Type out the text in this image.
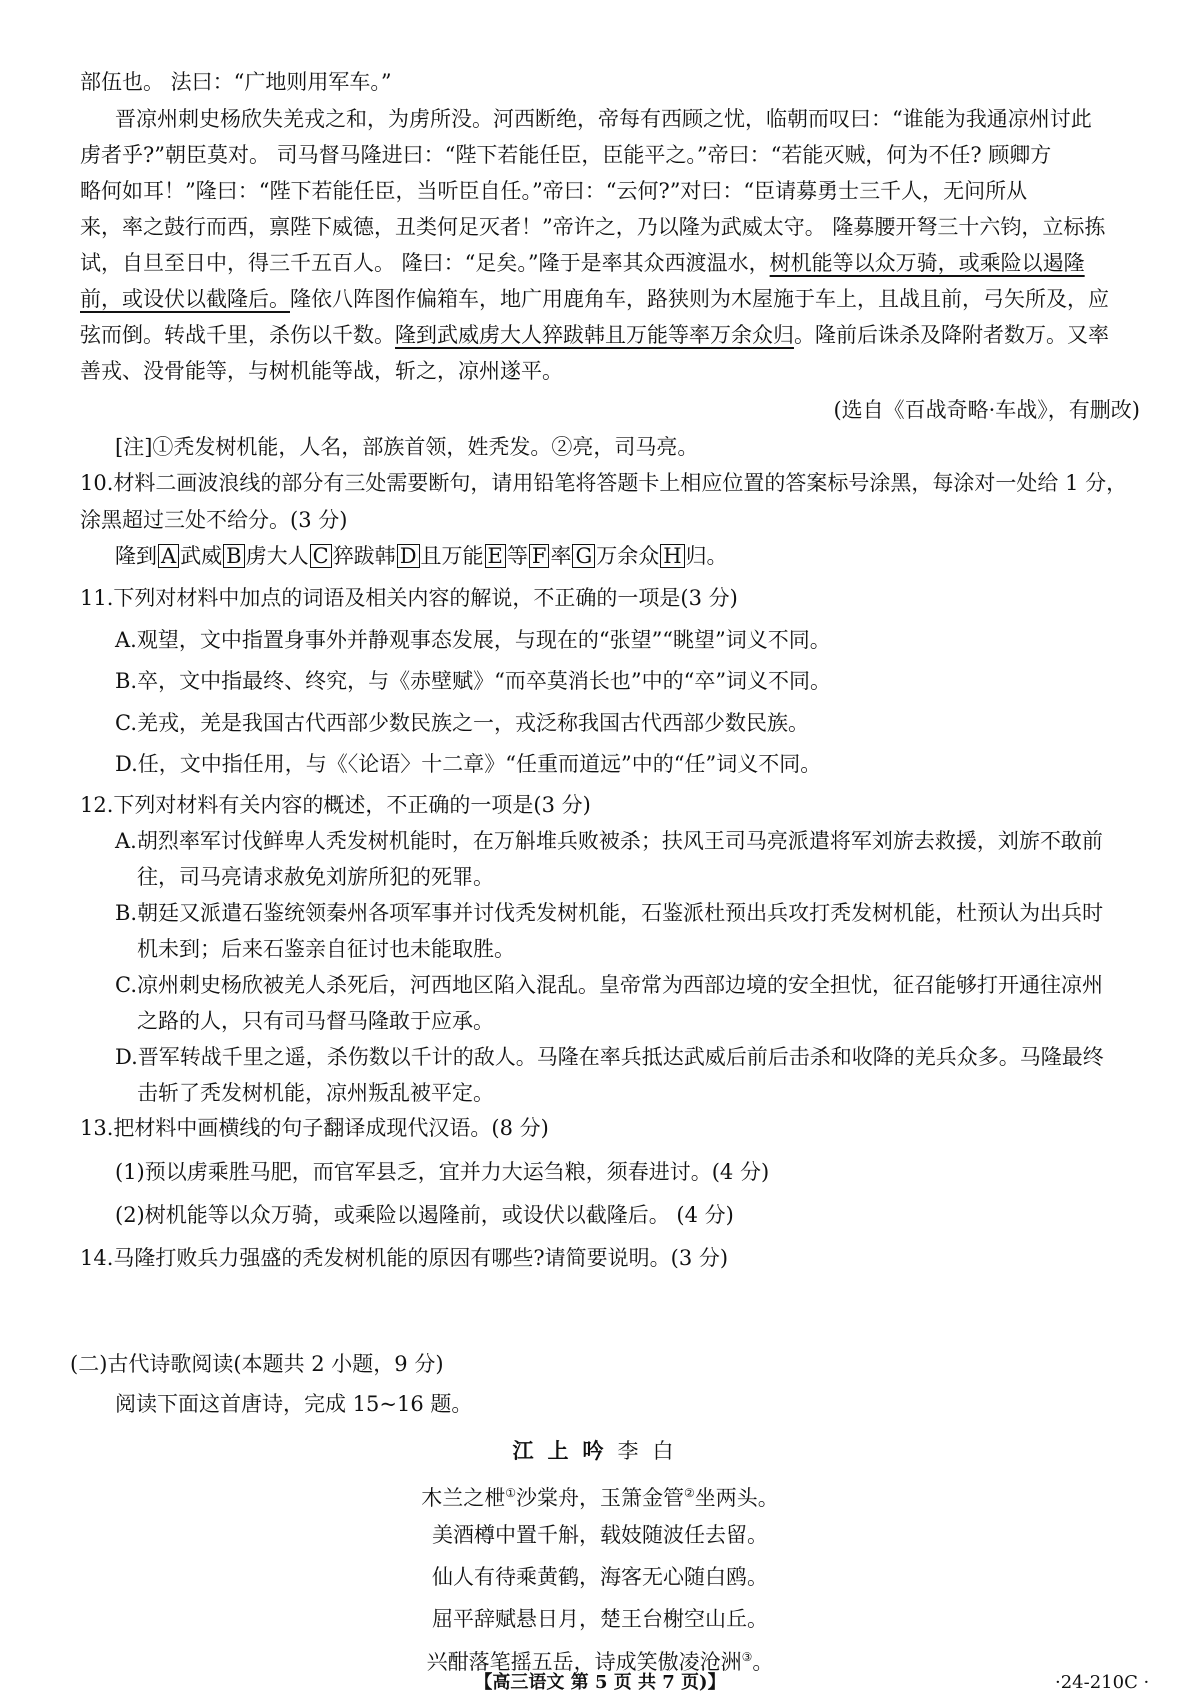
部伍也。 法曰：“广地则用军车。”
晋凉州刺史杨欣失羌戎之和，为虏所没。河西断绝，帝每有西顾之忧，临朝而叹曰：“谁能为我通凉州讨此
虏者乎?”朝臣莫对。 司马督马隆进曰：“陛下若能任臣，臣能平之。”帝曰：“若能灭贼，何为不任? 顾卿方
略何如耳！”隆曰：“陛下若能任臣，当听臣自任。”帝曰：“云何?”对曰：“臣请募勇士三千人，无问所从
来，率之鼓行而西，禀陛下威德，丑类何足灭者！”帝许之，乃以隆为武威太守。 隆募腰开弩三十六钧，立标拣
试，自旦至日中，得三千五百人。 隆曰：“足矣。”隆于是率其众西渡温水，树机能等以众万骑，或乘险以遏隆
前，或设伏以截隆后。隆依八阵图作偏箱车，地广用鹿角车，路狭则为木屋施于车上，且战且前，弓矢所及，应
弦而倒。转战千里，杀伤以千数。隆到武威虏大人猝跋韩且万能等率万余众归。隆前后诛杀及降附者数万。又率
善戎、没骨能等，与树机能等战，斩之，凉州遂平。
(选自《百战奇略·车战》，有删改)
[注]①秃发树机能，人名，部族首领，姓秃发。②亮，司马亮。
10.材料二画波浪线的部分有三处需要断句，请用铅笔将答题卡上相应位置的答案标号涂黑，每涂对一处给 1 分，
涂黑超过三处不给分。(3 分)
隆到 A 武威 B 虏大人 C 猝跋韩 D 且万能 E 等 F 率 G 万余众 H 归。
11.下列对材料中加点的词语及相关内容的解说，不正确的一项是(3 分)
A.观望，文中指置身事外并静观事态发展，与现在的“张望”“眺望”词义不同。
B.卒，文中指最终、终究，与《赤壁赋》“而卒莫消长也”中的“卒”词义不同。
C.羌戎，羌是我国古代西部少数民族之一，戎泛称我国古代西部少数民族。
D.任，文中指任用，与《〈论语〉十二章》“任重而道远”中的“任”词义不同。
12.下列对材料有关内容的概述，不正确的一项是(3 分)
A.胡烈率军讨伐鲜卑人秃发树机能时，在万斛堆兵败被杀；扶风王司马亮派遣将军刘旂去救援，刘旂不敢前
往，司马亮请求赦免刘旂所犯的死罪。
B.朝廷又派遣石鉴统领秦州各项军事并讨伐秃发树机能，石鉴派杜预出兵攻打秃发树机能，杜预认为出兵时
机未到；后来石鉴亲自征讨也未能取胜。
C.凉州刺史杨欣被羌人杀死后，河西地区陷入混乱。皇帝常为西部边境的安全担忧，征召能够打开通往凉州
之路的人，只有司马督马隆敢于应承。
D.晋军转战千里之遥，杀伤数以千计的敌人。马隆在率兵抵达武威后前后击杀和收降的羌兵众多。马隆最终
击斩了秃发树机能，凉州叛乱被平定。
13.把材料中画横线的句子翻译成现代汉语。(8 分)
(1)预以虏乘胜马肥，而官军县乏，宜并力大运刍粮，须春进讨。(4 分)
(2)树机能等以众万骑，或乘险以遏隆前，或设伏以截隆后。 (4 分)
14.马隆打败兵力强盛的秃发树机能的原因有哪些?请简要说明。(3 分)
(二)古代诗歌阅读(本题共 2 小题，9 分)
阅读下面这首唐诗，完成 15~16 题。
江上吟李白
木兰之枻①沙棠舟，玉箫金管②坐两头。
美酒樽中置千斛，载妓随波任去留。
仙人有待乘黄鹤，海客无心随白鸥。
屈平辞赋悬日月，楚王台榭空山丘。
兴酣落笔摇五岳，诗成笑傲凌沧洲③。
【高三语文 第 5 页 共 7 页)】	·24-210C ·
